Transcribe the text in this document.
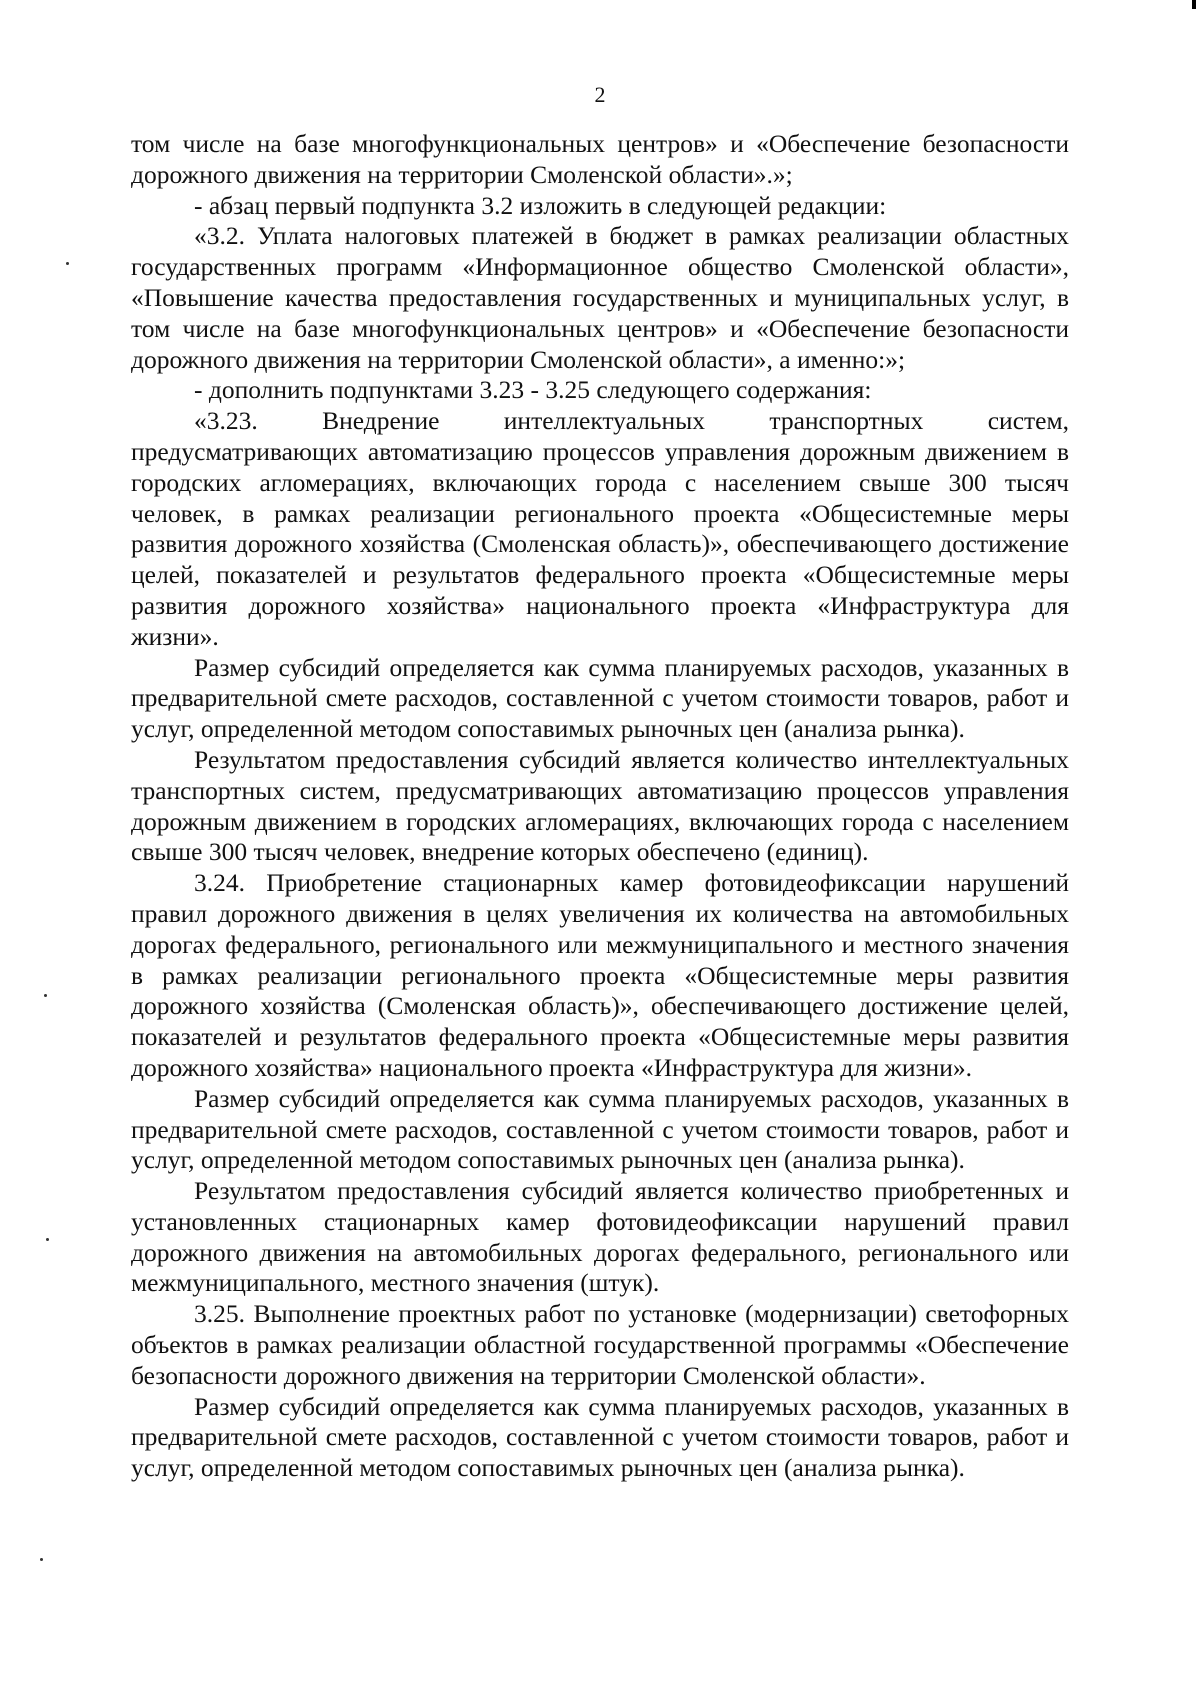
2

том числе на базе многофункциональных центров» и «Обеспечение безопасности дорожного движения на территории Смоленской области».»;

- абзац первый подпункта 3.2 изложить в следующей редакции:

«3.2. Уплата налоговых платежей в бюджет в рамках реализации областных государственных программ «Информационное общество Смоленской области», «Повышение качества предоставления государственных и муниципальных услуг, в том числе на базе многофункциональных центров» и «Обеспечение безопасности дорожного движения на территории Смоленской области», а именно:»;

- дополнить подпунктами 3.23 - 3.25 следующего содержания:

«3.23. Внедрение интеллектуальных транспортных систем, предусматривающих автоматизацию процессов управления дорожным движением в городских агломерациях, включающих города с населением свыше 300 тысяч человек, в рамках реализации регионального проекта «Общесистемные меры развития дорожного хозяйства (Смоленская область)», обеспечивающего достижение целей, показателей и результатов федерального проекта «Общесистемные меры развития дорожного хозяйства» национального проекта «Инфраструктура для жизни».

Размер субсидий определяется как сумма планируемых расходов, указанных в предварительной смете расходов, составленной с учетом стоимости товаров, работ и услуг, определенной методом сопоставимых рыночных цен (анализа рынка).

Результатом предоставления субсидий является количество интеллектуальных транспортных систем, предусматривающих автоматизацию процессов управления дорожным движением в городских агломерациях, включающих города с населением свыше 300 тысяч человек, внедрение которых обеспечено (единиц).

3.24. Приобретение стационарных камер фотовидеофиксации нарушений правил дорожного движения в целях увеличения их количества на автомобильных дорогах федерального, регионального или межмуниципального и местного значения в рамках реализации регионального проекта «Общесистемные меры развития дорожного хозяйства (Смоленская область)», обеспечивающего достижение целей, показателей и результатов федерального проекта «Общесистемные меры развития дорожного хозяйства» национального проекта «Инфраструктура для жизни».

Размер субсидий определяется как сумма планируемых расходов, указанных в предварительной смете расходов, составленной с учетом стоимости товаров, работ и услуг, определенной методом сопоставимых рыночных цен (анализа рынка).

Результатом предоставления субсидий является количество приобретенных и установленных стационарных камер фотовидеофиксации нарушений правил дорожного движения на автомобильных дорогах федерального, регионального или межмуниципального, местного значения (штук).

3.25. Выполнение проектных работ по установке (модернизации) светофорных объектов в рамках реализации областной государственной программы «Обеспечение безопасности дорожного движения на территории Смоленской области».

Размер субсидий определяется как сумма планируемых расходов, указанных в предварительной смете расходов, составленной с учетом стоимости товаров, работ и услуг, определенной методом сопоставимых рыночных цен (анализа рынка).
